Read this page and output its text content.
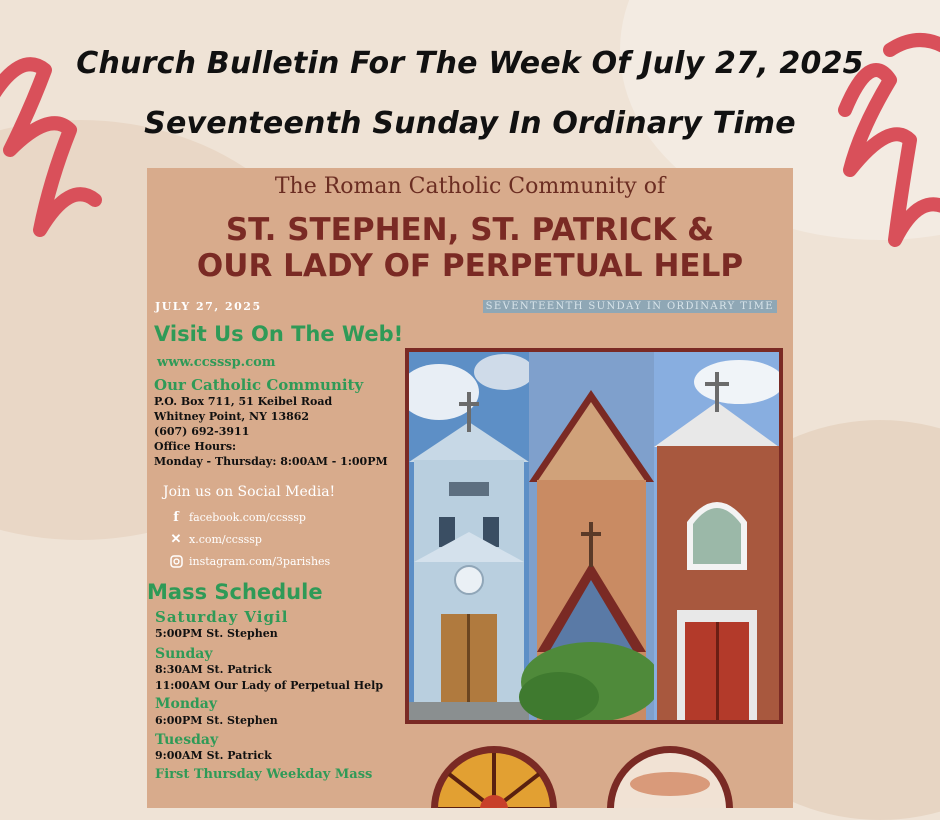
Church Bulletin For The Week Of July 27, 2025
Seventeenth Sunday In Ordinary Time
The Roman Catholic Community of
ST. STEPHEN, ST. PATRICK &
OUR LADY OF PERPETUAL HELP
JULY 27, 2025	SEVENTEENTH SUNDAY IN ORDINARY TIME
Visit Us On The Web!
www.ccsssp.com
Our Catholic Community
P.O. Box 711, 51 Keibel Road
Whitney Point, NY 13862
(607) 692-3911
Office Hours:
Monday - Thursday: 8:00AM - 1:00PM
Join us on Social Media!
f facebook.com/ccsssp
✕ x.com/ccsssp
instagram.com/3parishes
Mass Schedule
Saturday Vigil
5:00PM St. Stephen
Sunday
8:30AM St. Patrick
11:00AM Our Lady of Perpetual Help
Monday
6:00PM St. Stephen
Tuesday
9:00AM St. Patrick
First Thursday Weekday Mass
